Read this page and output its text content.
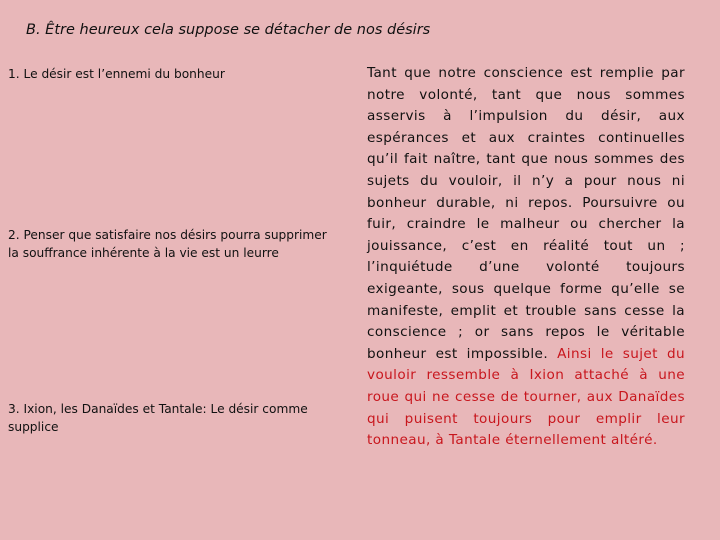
B. Être heureux cela suppose se détacher de nos désirs
1. Le désir est l’ennemi du bonheur
2. Penser que satisfaire nos désirs pourra supprimer la souffrance inhérente à la vie est un leurre
3. Ixion, les Danaïdes et Tantale: Le désir comme supplice
Tant que notre conscience est remplie par notre volonté, tant que nous sommes asservis à l’impulsion du désir, aux espérances et aux craintes continuelles qu’il fait naître, tant que nous sommes des sujets du vouloir, il n’y a pour nous ni bonheur durable, ni repos. Poursuivre ou fuir, craindre le malheur ou chercher la jouissance, c’est en réalité tout un ; l’inquiétude d’une volonté toujours exigeante, sous quelque forme qu’elle se manifeste, emplit et trouble sans cesse la conscience ; or sans repos le véritable bonheur est impossible. Ainsi le sujet du vouloir ressemble à Ixion attaché à une roue qui ne cesse de tourner, aux Danaïdes qui puisent toujours pour emplir leur tonneau, à Tantale éternellement altéré.
